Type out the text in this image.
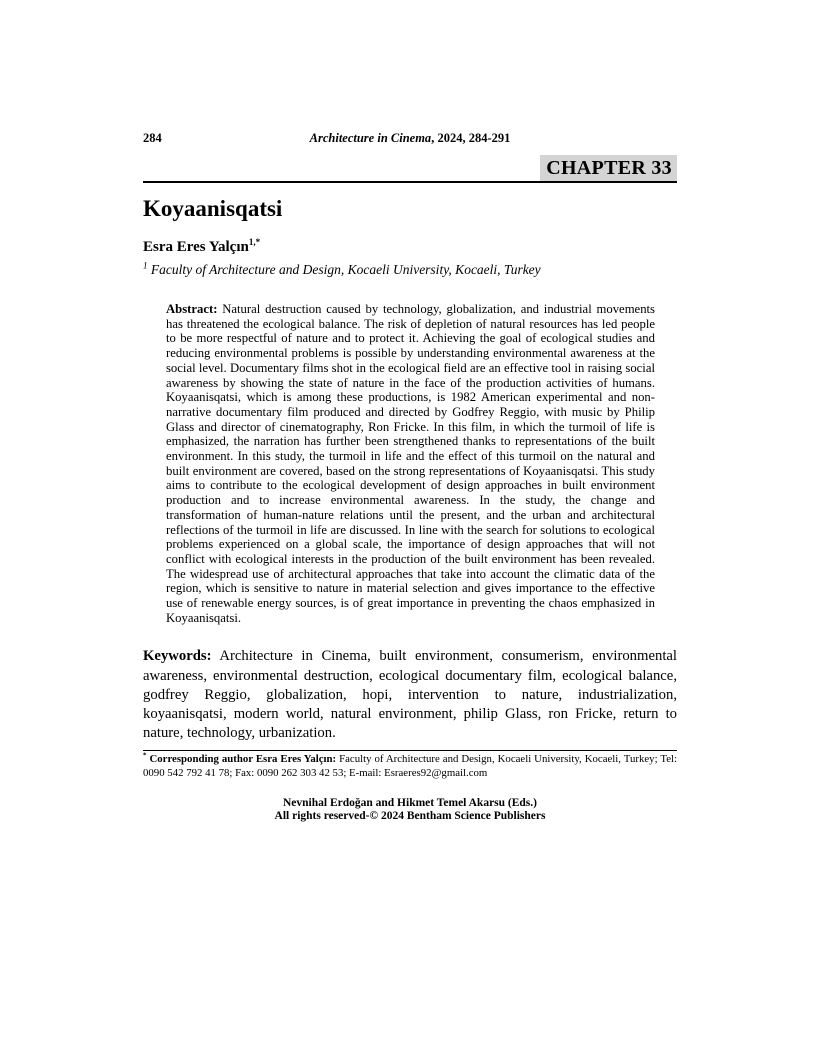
284	Architecture in Cinema, 2024, 284-291
CHAPTER 33
Koyaanisqatsi
Esra Eres Yalçın$^{1,*}$
$^1$ Faculty of Architecture and Design, Kocaeli University, Kocaeli, Turkey

Abstract: Natural destruction caused by technology, globalization, and industrial movements has threatened the ecological balance. The risk of depletion of natural resources has led people to be more respectful of nature and to protect it. Achieving the goal of ecological studies and reducing environmental problems is possible by understanding environmental awareness at the social level. Documentary films shot in the ecological field are an effective tool in raising social awareness by showing the state of nature in the face of the production activities of humans. Koyaanisqatsi, which is among these productions, is 1982 American experimental and non-narrative documentary film produced and directed by Godfrey Reggio, with music by Philip Glass and director of cinematography, Ron Fricke. In this film, in which the turmoil of life is emphasized, the narration has further been strengthened thanks to representations of the built environment. In this study, the turmoil in life and the effect of this turmoil on the natural and built environment are covered, based on the strong representations of Koyaanisqatsi. This study aims to contribute to the ecological development of design approaches in built environment production and to increase environmental awareness. In the study, the change and transformation of human-nature relations until the present, and the urban and architectural reflections of the turmoil in life are discussed. In line with the search for solutions to ecological problems experienced on a global scale, the importance of design approaches that will not conflict with ecological interests in the production of the built environment has been revealed. The widespread use of architectural approaches that take into account the climatic data of the region, which is sensitive to nature in material selection and gives importance to the effective use of renewable energy sources, is of great importance in preventing the chaos emphasized in Koyaanisqatsi.

Keywords: Architecture in Cinema, built environment, consumerism, environmental awareness, environmental destruction, ecological documentary film, ecological balance, godfrey Reggio, globalization, hopi, intervention to nature, industrialization, koyaanisqatsi, modern world, natural environment, philip Glass, ron Fricke, return to nature, technology, urbanization.

* Corresponding author Esra Eres Yalçın: Faculty of Architecture and Design, Kocaeli University, Kocaeli, Turkey; Tel: 0090 542 792 41 78; Fax: 0090 262 303 42 53; E-mail: Esraeres92@gmail.com

Nevnihal Erdoğan and Hikmet Temel Akarsu (Eds.)
All rights reserved-© 2024 Bentham Science Publishers
